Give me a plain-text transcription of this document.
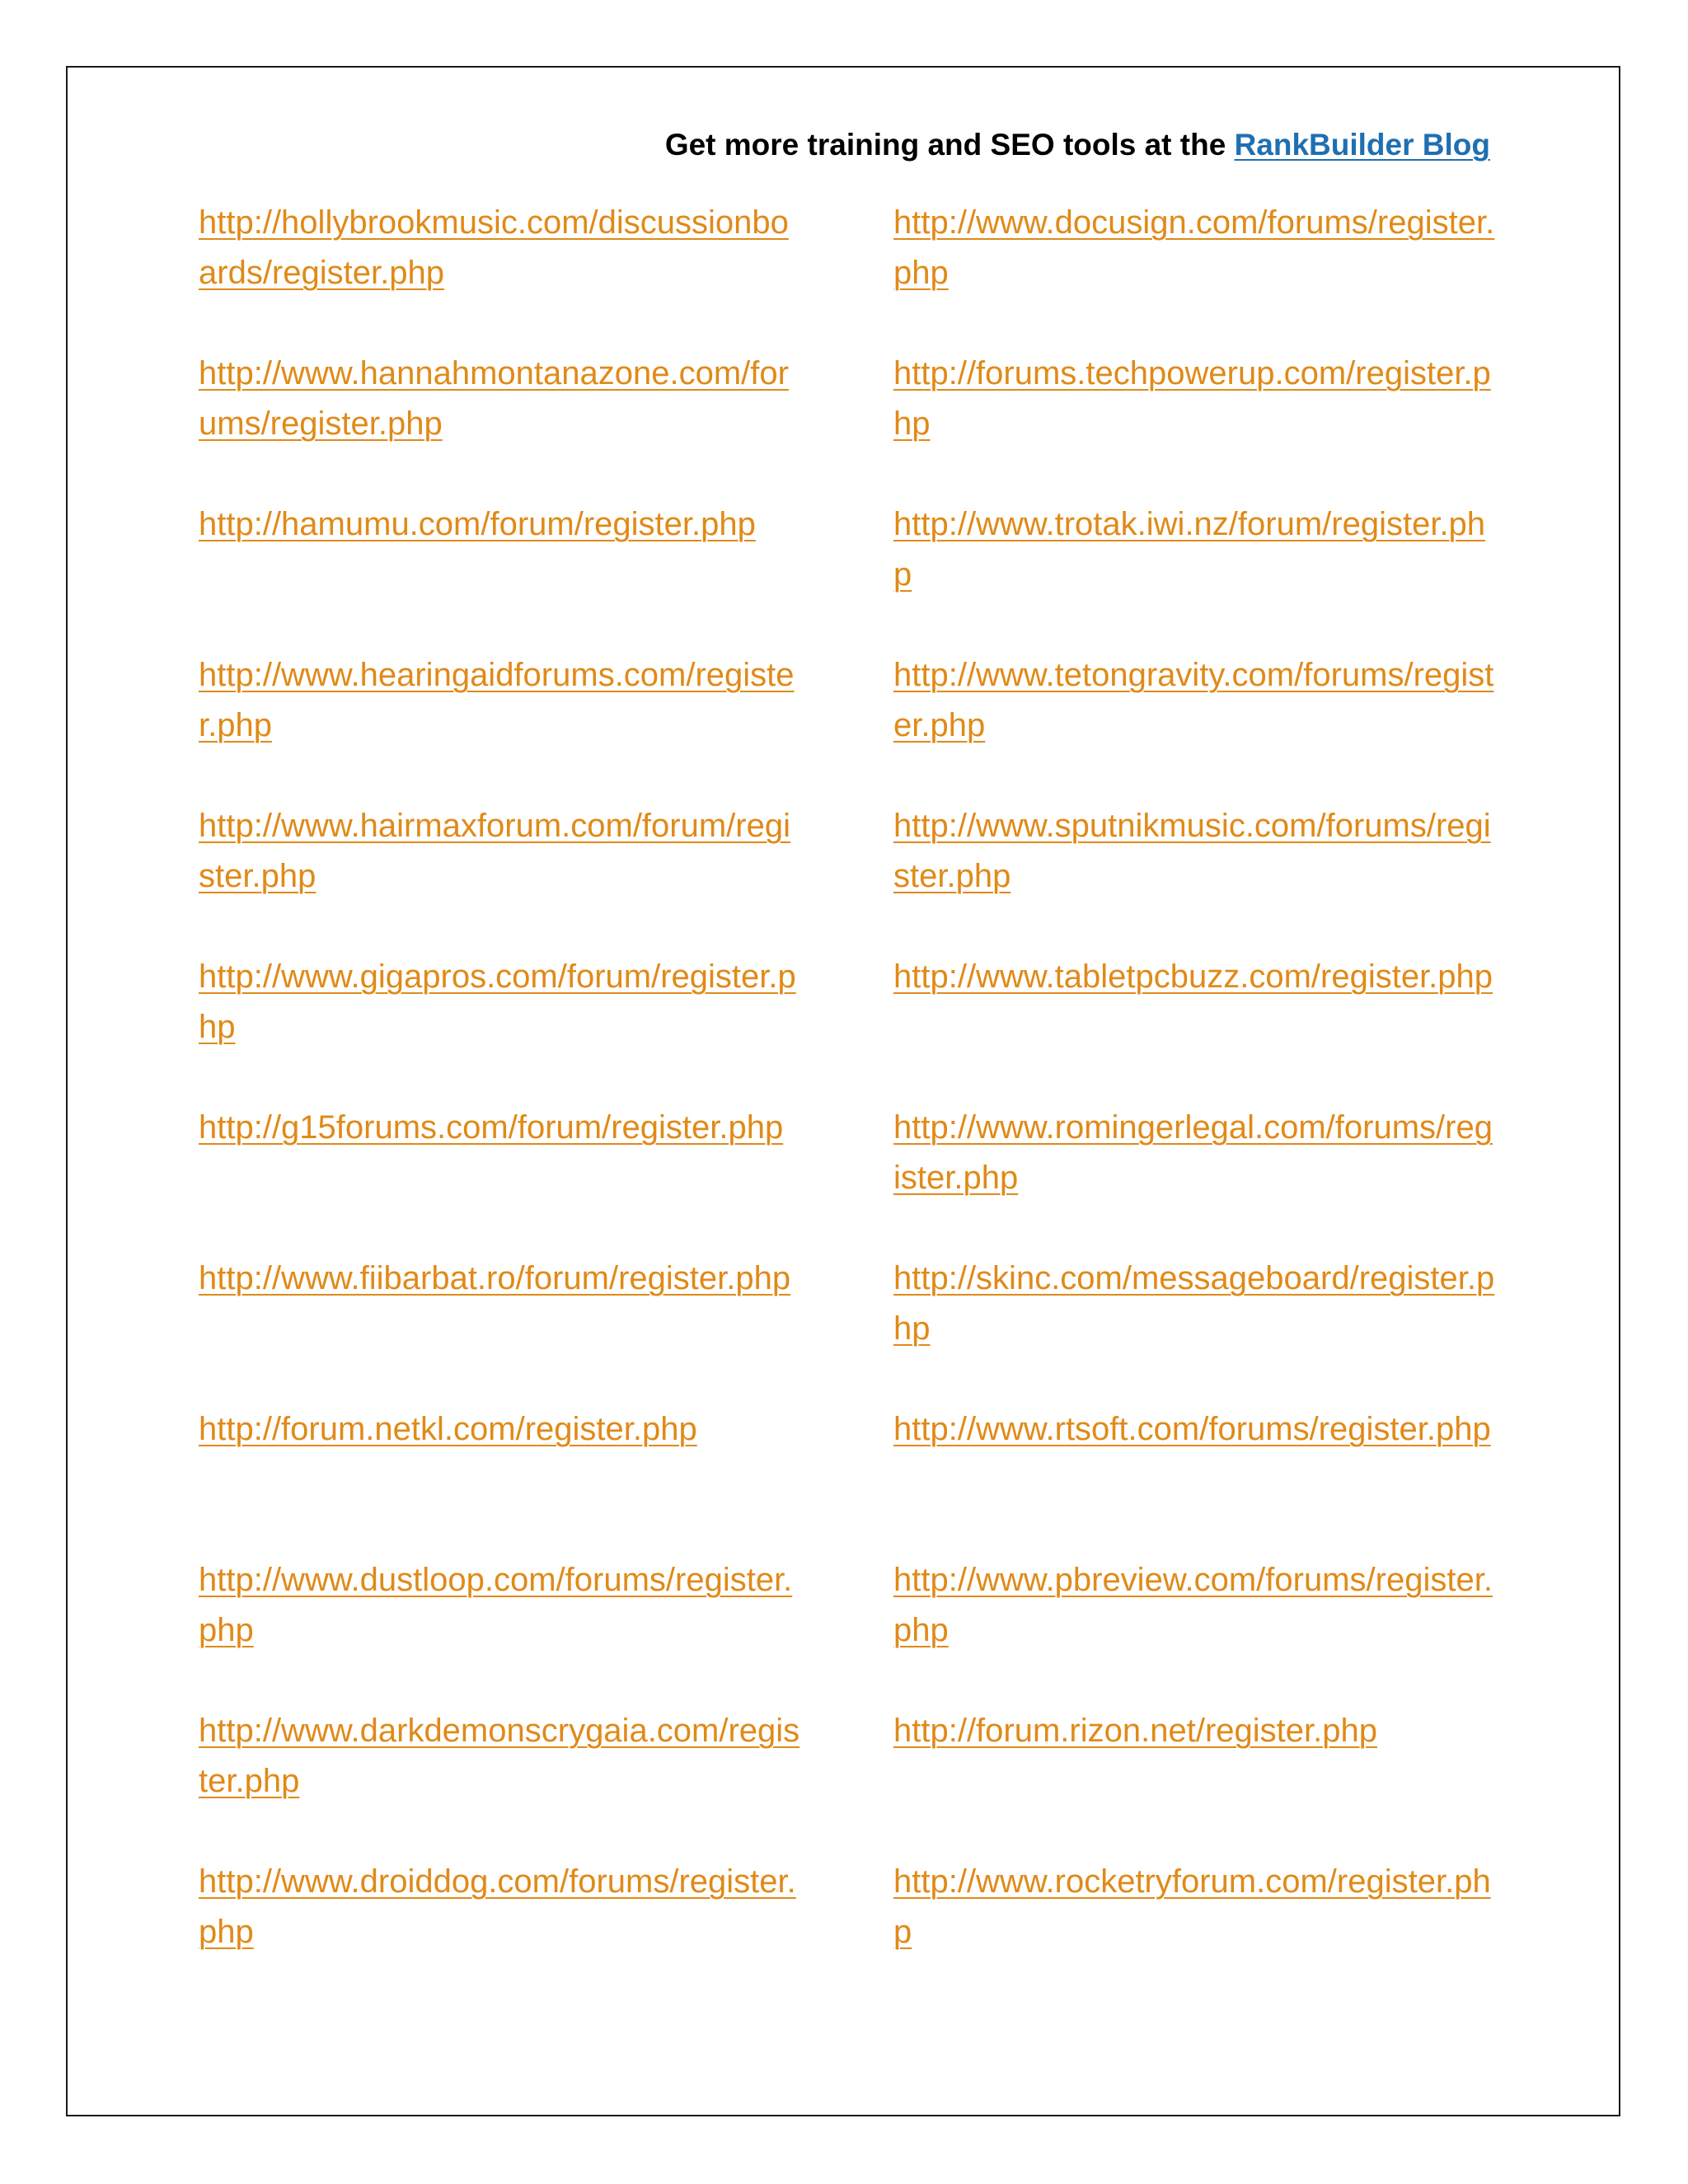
Get more training and SEO tools at the RankBuilder Blog
http://hollybrookmusic.com/discussionboards/register.php
http://www.hannahmontanazone.com/forums/register.php
http://hamumu.com/forum/register.php
http://www.hearingaidforums.com/register.php
http://www.hairmaxforum.com/forum/register.php
http://www.gigapros.com/forum/register.php
http://g15forums.com/forum/register.php
http://www.fiibarbat.ro/forum/register.php
http://forum.netkl.com/register.php
http://www.dustloop.com/forums/register.php
http://www.darkdemonscrygaia.com/register.php
http://www.droiddog.com/forums/register.php
http://www.docusign.com/forums/register.php
http://forums.techpowerup.com/register.php
http://www.trotak.iwi.nz/forum/register.php
http://www.tetongravity.com/forums/register.php
http://www.sputnikmusic.com/forums/register.php
http://www.tabletpcbuzz.com/register.php
http://www.romingerlegal.com/forums/register.php
http://skinc.com/messageboard/register.php
http://www.rtsoft.com/forums/register.php
http://www.pbreview.com/forums/register.php
http://forum.rizon.net/register.php
http://www.rocketryforum.com/register.php
